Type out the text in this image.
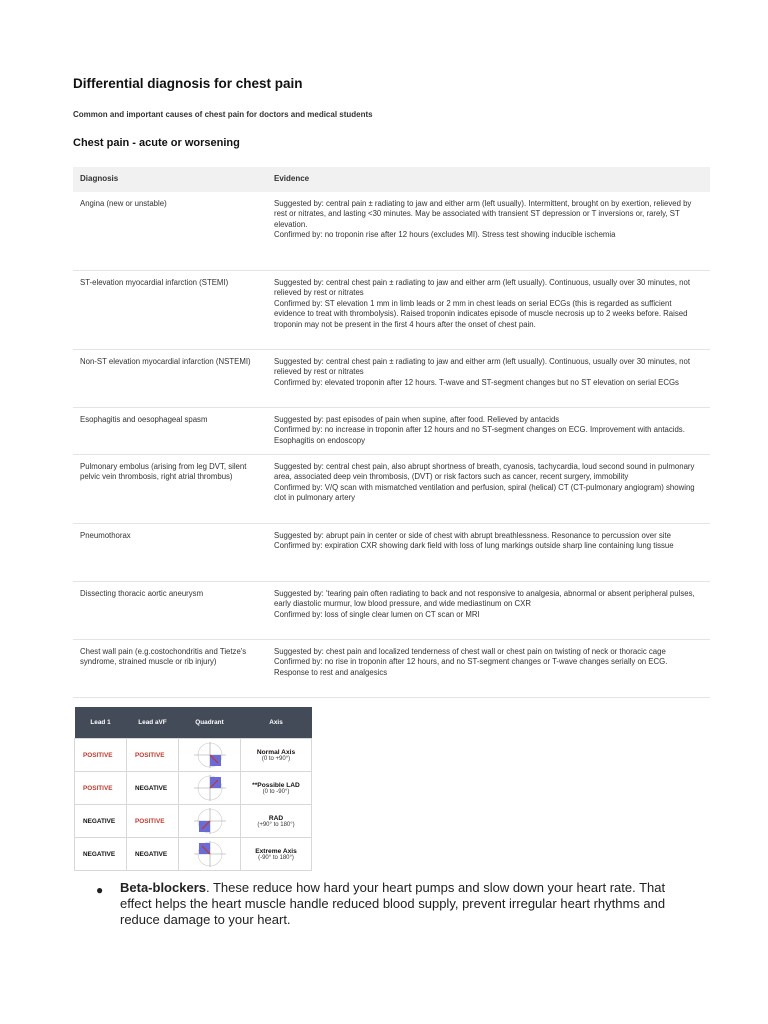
Differential diagnosis for chest pain
Common and important causes of chest pain for doctors and medical students
Chest pain - acute or worsening
Diagnosis	Evidence
Angina (new or unstable)	Suggested by: central pain ± radiating to jaw and either arm (left usually). Intermittent, brought on by exertion, relieved by rest or nitrates, and lasting <30 minutes. May be associated with transient ST depression or T inversions or, rarely, ST elevation.
Confirmed by: no troponin rise after 12 hours (excludes MI). Stress test showing inducible ischemia

ST-elevation myocardial infarction (STEMI)	Suggested by: central chest pain ± radiating to jaw and either arm (left usually). Continuous, usually over 30 minutes, not relieved by rest or nitrates
Confirmed by: ST elevation 1 mm in limb leads or 2 mm in chest leads on serial ECGs (this is regarded as sufficient evidence to treat with thrombolysis). Raised troponin indicates episode of muscle necrosis up to 2 weeks before. Raised troponin may not be present in the first 4 hours after the onset of chest pain.

Non-ST elevation myocardial infarction (NSTEMI)	Suggested by: central chest pain ± radiating to jaw and either arm (left usually). Continuous, usually over 30 minutes, not relieved by rest or nitrates
Confirmed by: elevated troponin after 12 hours. T-wave and ST-segment changes but no ST elevation on serial ECGs

Esophagitis and oesophageal spasm	Suggested by: past episodes of pain when supine, after food. Relieved by antacids
Confirmed by: no increase in troponin after 12 hours and no ST-segment changes on ECG. Improvement with antacids. Esophagitis on endoscopy

Pulmonary embolus (arising from leg DVT, silent pelvic vein thrombosis, right atrial thrombus)	Suggested by: central chest pain, also abrupt shortness of breath, cyanosis, tachycardia, loud second sound in pulmonary area, associated deep vein thrombosis, (DVT) or risk factors such as cancer, recent surgery, immobility
Confirmed by: V/Q scan with mismatched ventilation and perfusion, spiral (helical) CT (CT-pulmonary angiogram) showing clot in pulmonary artery

Pneumothorax	Suggested by: abrupt pain in center or side of chest with abrupt breathlessness. Resonance to percussion over site
Confirmed by: expiration CXR showing dark field with loss of lung markings outside sharp line containing lung tissue

Dissecting thoracic aortic aneurysm	Suggested by: 'tearing pain often radiating to back and not responsive to analgesia, abnormal or absent peripheral pulses, early diastolic murmur, low blood pressure, and wide mediastinum on CXR
Confirmed by: loss of single clear lumen on CT scan or MRI

Chest wall pain (e.g.costochondritis and Tietze's syndrome, strained muscle or rib injury)	Suggested by: chest pain and localized tenderness of chest wall or chest pain on twisting of neck or thoracic cage
Confirmed by: no rise in troponin after 12 hours, and no ST-segment changes or T-wave changes serially on ECG. Response to rest and analgesics
Lead 1	Lead aVF	Quadrant	Axis
POSITIVE	POSITIVE		Normal Axis
(0 to +90°)

POSITIVE	NEGATIVE		**Possible LAD
(0 to -90°)

NEGATIVE	POSITIVE		RAD
(+90° to 180°)

NEGATIVE	NEGATIVE		Extreme Axis
(-90° to 180°)
● Beta-blockers. These reduce how hard your heart pumps and slow down your heart rate. That effect helps the heart muscle handle reduced blood supply, prevent irregular heart rhythms and reduce damage to your heart.
